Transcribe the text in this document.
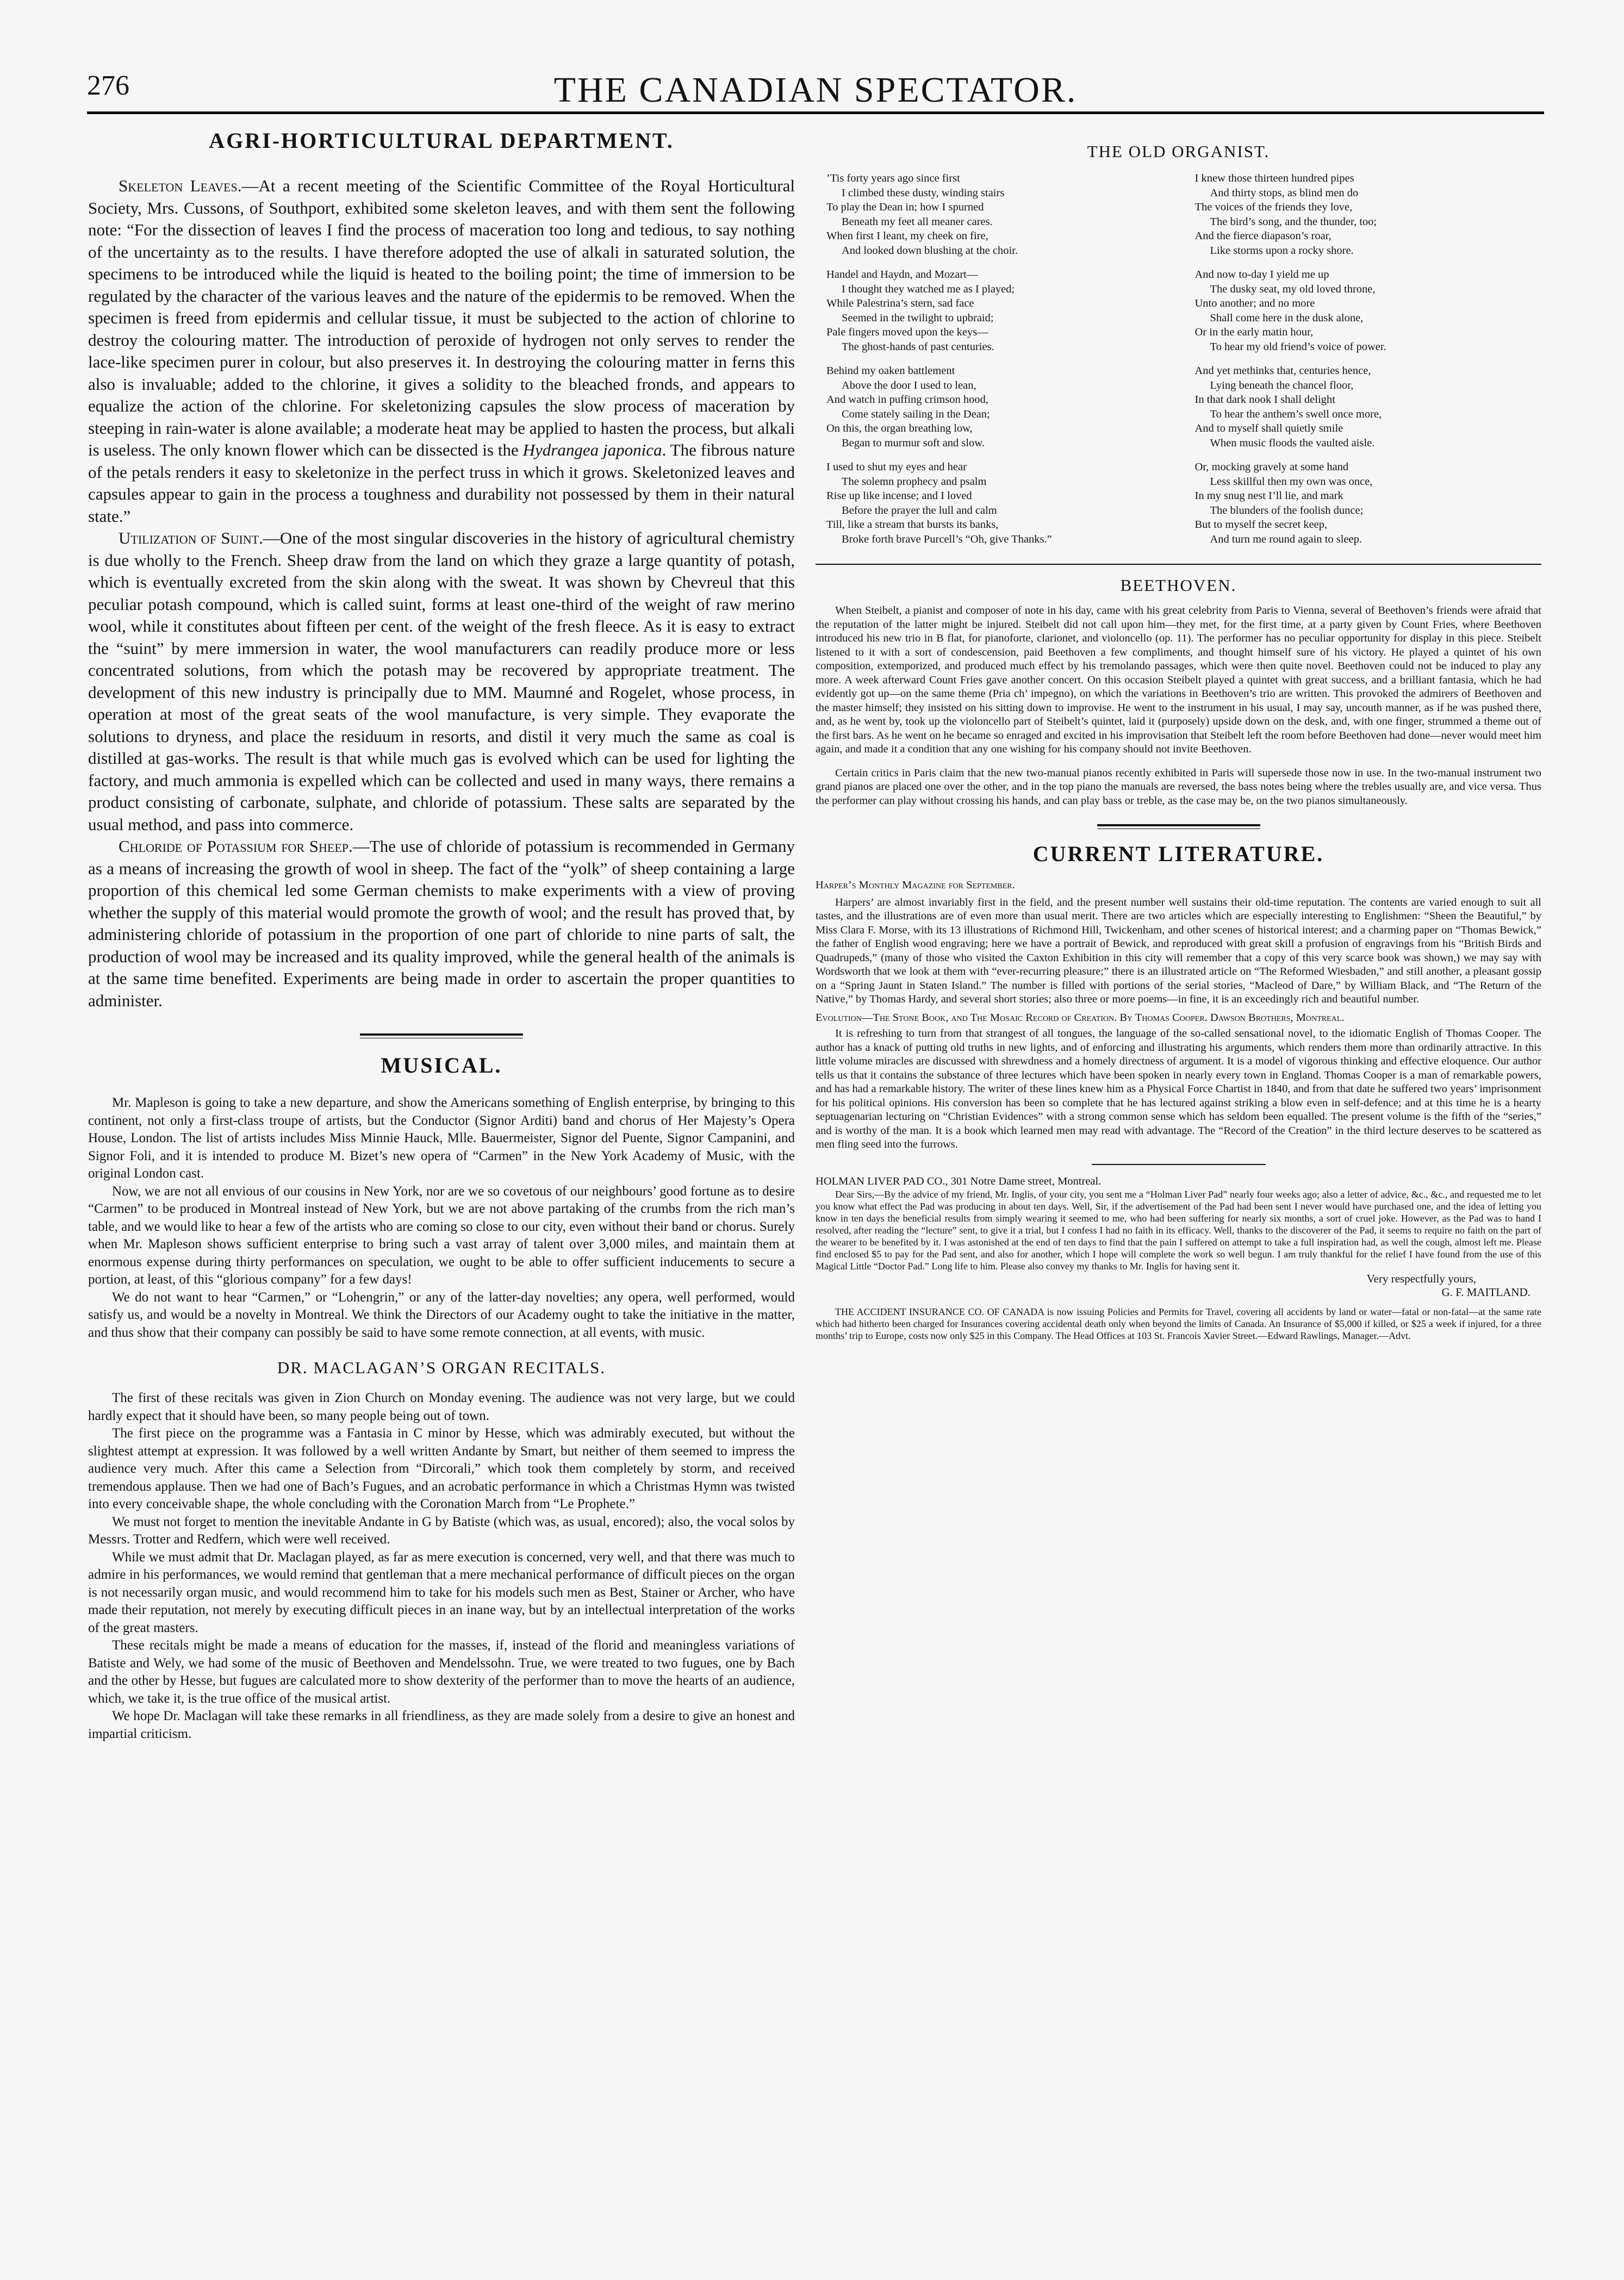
276	THE CANADIAN SPECTATOR.
AGRI-HORTICULTURAL DEPARTMENT.

Skeleton Leaves.—At a recent meeting of the Scientific Committee of the Royal Horticultural Society, Mrs. Cussons, of Southport, exhibited some skeleton leaves, and with them sent the following note: “For the dissection of leaves I find the process of maceration too long and tedious, to say nothing of the uncertainty as to the results. I have therefore adopted the use of alkali in saturated solution, the specimens to be introduced while the liquid is heated to the boiling point; the time of immersion to be regulated by the character of the various leaves and the nature of the epidermis to be removed. When the specimen is freed from epidermis and cellular tissue, it must be subjected to the action of chlorine to destroy the colouring matter. The introduction of peroxide of hydrogen not only serves to render the lace-like specimen purer in colour, but also preserves it. In destroying the colouring matter in ferns this also is invaluable; added to the chlorine, it gives a solidity to the bleached fronds, and appears to equalize the action of the chlorine. For skeletonizing capsules the slow process of maceration by steeping in rain-water is alone available; a moderate heat may be applied to hasten the process, but alkali is useless. The only known flower which can be dissected is the Hydrangea japonica. The fibrous nature of the petals renders it easy to skeletonize in the perfect truss in which it grows. Skeletonized leaves and capsules appear to gain in the process a toughness and durability not possessed by them in their natural state.”

Utilization of Suint.—One of the most singular discoveries in the history of agricultural chemistry is due wholly to the French. Sheep draw from the land on which they graze a large quantity of potash, which is eventually excreted from the skin along with the sweat. It was shown by Chevreul that this peculiar potash compound, which is called suint, forms at least one-third of the weight of raw merino wool, while it constitutes about fifteen per cent. of the weight of the fresh fleece. As it is easy to extract the “suint” by mere immersion in water, the wool manufacturers can readily produce more or less concentrated solutions, from which the potash may be recovered by appropriate treatment. The development of this new industry is principally due to MM. Maumné and Rogelet, whose process, in operation at most of the great seats of the wool manufacture, is very simple. They evaporate the solutions to dryness, and place the residuum in resorts, and distil it very much the same as coal is distilled at gas-works. The result is that while much gas is evolved which can be used for lighting the factory, and much ammonia is expelled which can be collected and used in many ways, there remains a product consisting of carbonate, sulphate, and chloride of potassium. These salts are separated by the usual method, and pass into commerce.

Chloride of Potassium for Sheep.—The use of chloride of potassium is recommended in Germany as a means of increasing the growth of wool in sheep. The fact of the “yolk” of sheep containing a large proportion of this chemical led some German chemists to make experiments with a view of proving whether the supply of this material would promote the growth of wool; and the result has proved that, by administering chloride of potassium in the proportion of one part of chloride to nine parts of salt, the production of wool may be increased and its quality improved, while the general health of the animals is at the same time benefited. Experiments are being made in order to ascertain the proper quantities to administer.

MUSICAL.

Mr. Mapleson is going to take a new departure, and show the Americans something of English enterprise, by bringing to this continent, not only a first-class troupe of artists, but the Conductor (Signor Arditi) band and chorus of Her Majesty’s Opera House, London. The list of artists includes Miss Minnie Hauck, Mlle. Bauermeister, Signor del Puente, Signor Campanini, and Signor Foli, and it is intended to produce M. Bizet’s new opera of “Carmen” in the New York Academy of Music, with the original London cast.

Now, we are not all envious of our cousins in New York, nor are we so covetous of our neighbours’ good fortune as to desire “Carmen” to be produced in Montreal instead of New York, but we are not above partaking of the crumbs from the rich man’s table, and we would like to hear a few of the artists who are coming so close to our city, even without their band or chorus. Surely when Mr. Mapleson shows sufficient enterprise to bring such a vast array of talent over 3,000 miles, and maintain them at enormous expense during thirty performances on speculation, we ought to be able to offer sufficient inducements to secure a portion, at least, of this “glorious company” for a few days!

We do not want to hear “Carmen,” or “Lohengrin,” or any of the latter-day novelties; any opera, well performed, would satisfy us, and would be a novelty in Montreal. We think the Directors of our Academy ought to take the initiative in the matter, and thus show that their company can possibly be said to have some remote connection, at all events, with music.

DR. MACLAGAN’S ORGAN RECITALS.

The first of these recitals was given in Zion Church on Monday evening. The audience was not very large, but we could hardly expect that it should have been, so many people being out of town.

The first piece on the programme was a Fantasia in C minor by Hesse, which was admirably executed, but without the slightest attempt at expression. It was followed by a well written Andante by Smart, but neither of them seemed to impress the audience very much. After this came a Selection from “Dircorali,” which took them completely by storm, and received tremendous applause. Then we had one of Bach’s Fugues, and an acrobatic performance in which a Christmas Hymn was twisted into every conceivable shape, the whole concluding with the Coronation March from “Le Prophete.”

We must not forget to mention the inevitable Andante in G by Batiste (which was, as usual, encored); also, the vocal solos by Messrs. Trotter and Redfern, which were well received.

While we must admit that Dr. Maclagan played, as far as mere execution is concerned, very well, and that there was much to admire in his performances, we would remind that gentleman that a mere mechanical performance of difficult pieces on the organ is not necessarily organ music, and would recommend him to take for his models such men as Best, Stainer or Archer, who have made their reputation, not merely by executing difficult pieces in an inane way, but by an intellectual interpretation of the works of the great masters.

These recitals might be made a means of education for the masses, if, instead of the florid and meaningless variations of Batiste and Wely, we had some of the music of Beethoven and Mendelssohn. True, we were treated to two fugues, one by Bach and the other by Hesse, but fugues are calculated more to show dexterity of the performer than to move the hearts of an audience, which, we take it, is the true office of the musical artist.

We hope Dr. Maclagan will take these remarks in all friendliness, as they are made solely from a desire to give an honest and impartial criticism.

THE OLD ORGANIST.
’Tis forty years ago since first
I climbed these dusty, winding stairs
To play the Dean in; how I spurned
Beneath my feet all meaner cares.
When first I leant, my cheek on fire,
And looked down blushing at the choir.
Handel and Haydn, and Mozart—
I thought they watched me as I played;
While Palestrina’s stern, sad face
Seemed in the twilight to upbraid;
Pale fingers moved upon the keys—
The ghost-hands of past centuries.
Behind my oaken battlement
Above the door I used to lean,
And watch in puffing crimson hood,
Come stately sailing in the Dean;
On this, the organ breathing low,
Began to murmur soft and slow.
I used to shut my eyes and hear
The solemn prophecy and psalm
Rise up like incense; and I loved
Before the prayer the lull and calm
Till, like a stream that bursts its banks,
Broke forth brave Purcell’s “Oh, give Thanks.”
I knew those thirteen hundred pipes
And thirty stops, as blind men do
The voices of the friends they love,
The bird’s song, and the thunder, too;
And the fierce diapason’s roar,
Like storms upon a rocky shore.
And now to-day I yield me up
The dusky seat, my old loved throne,
Unto another; and no more
Shall come here in the dusk alone,
Or in the early matin hour,
To hear my old friend’s voice of power.
And yet methinks that, centuries hence,
Lying beneath the chancel floor,
In that dark nook I shall delight
To hear the anthem’s swell once more,
And to myself shall quietly smile
When music floods the vaulted aisle.
Or, mocking gravely at some hand
Less skillful then my own was once,
In my snug nest I’ll lie, and mark
The blunders of the foolish dunce;
But to myself the secret keep,
And turn me round again to sleep.
BEETHOVEN.

When Steibelt, a pianist and composer of note in his day, came with his great celebrity from Paris to Vienna, several of Beethoven’s friends were afraid that the reputation of the latter might be injured. Steibelt did not call upon him—they met, for the first time, at a party given by Count Fries, where Beethoven introduced his new trio in B flat, for pianoforte, clarionet, and violoncello (op. 11). The performer has no peculiar opportunity for display in this piece. Steibelt listened to it with a sort of condescension, paid Beethoven a few compliments, and thought himself sure of his victory. He played a quintet of his own composition, extemporized, and produced much effect by his tremolando passages, which were then quite novel. Beethoven could not be induced to play any more. A week afterward Count Fries gave another concert. On this occasion Steibelt played a quintet with great success, and a brilliant fantasia, which he had evidently got up—on the same theme (Pria ch’ impegno), on which the variations in Beethoven’s trio are written. This provoked the admirers of Beethoven and the master himself; they insisted on his sitting down to improvise. He went to the instrument in his usual, I may say, uncouth manner, as if he was pushed there, and, as he went by, took up the violoncello part of Steibelt’s quintet, laid it (purposely) upside down on the desk, and, with one finger, strummed a theme out of the first bars. As he went on he became so enraged and excited in his improvisation that Steibelt left the room before Beethoven had done—never would meet him again, and made it a condition that any one wishing for his company should not invite Beethoven.

Certain critics in Paris claim that the new two-manual pianos recently exhibited in Paris will supersede those now in use. In the two-manual instrument two grand pianos are placed one over the other, and in the top piano the manuals are reversed, the bass notes being where the trebles usually are, and vice versa. Thus the performer can play without crossing his hands, and can play bass or treble, as the case may be, on the two pianos simultaneously.

CURRENT LITERATURE.

Harper’s Monthly Magazine for September.

Harpers’ are almost invariably first in the field, and the present number well sustains their old-time reputation. The contents are varied enough to suit all tastes, and the illustrations are of even more than usual merit. There are two articles which are especially interesting to Englishmen: “Sheen the Beautiful,” by Miss Clara F. Morse, with its 13 illustrations of Richmond Hill, Twickenham, and other scenes of historical interest; and a charming paper on “Thomas Bewick,” the father of English wood engraving; here we have a portrait of Bewick, and reproduced with great skill a profusion of engravings from his “British Birds and Quadrupeds,” (many of those who visited the Caxton Exhibition in this city will remember that a copy of this very scarce book was shown,) we may say with Wordsworth that we look at them with “ever-recurring pleasure;” there is an illustrated article on “The Reformed Wiesbaden,” and still another, a pleasant gossip on a “Spring Jaunt in Staten Island.” The number is filled with portions of the serial stories, “Macleod of Dare,” by William Black, and “The Return of the Native,” by Thomas Hardy, and several short stories; also three or more poems—in fine, it is an exceedingly rich and beautiful number.

Evolution—The Stone Book, and The Mosaic Record of Creation. By Thomas Cooper. Dawson Brothers, Montreal.

It is refreshing to turn from that strangest of all tongues, the language of the so-called sensational novel, to the idiomatic English of Thomas Cooper. The author has a knack of putting old truths in new lights, and of enforcing and illustrating his arguments, which renders them more than ordinarily attractive. In this little volume miracles are discussed with shrewdness and a homely directness of argument. It is a model of vigorous thinking and effective eloquence. Our author tells us that it contains the substance of three lectures which have been spoken in nearly every town in England. Thomas Cooper is a man of remarkable powers, and has had a remarkable history. The writer of these lines knew him as a Physical Force Chartist in 1840, and from that date he suffered two years’ imprisonment for his political opinions. His conversion has been so complete that he has lectured against striking a blow even in self-defence; and at this time he is a hearty septuagenarian lecturing on “Christian Evidences” with a strong common sense which has seldom been equalled. The present volume is the fifth of the “series,” and is worthy of the man. It is a book which learned men may read with advantage. The “Record of the Creation” in the third lecture deserves to be scattered as men fling seed into the furrows.

HOLMAN LIVER PAD CO., 301 Notre Dame street, Montreal.

Dear Sirs,—By the advice of my friend, Mr. Inglis, of your city, you sent me a “Holman Liver Pad” nearly four weeks ago; also a letter of advice, &c., &c., and requested me to let you know what effect the Pad was producing in about ten days. Well, Sir, if the advertisement of the Pad had been sent I never would have purchased one, and the idea of letting you know in ten days the beneficial results from simply wearing it seemed to me, who had been suffering for nearly six months, a sort of cruel joke. However, as the Pad was to hand I resolved, after reading the “lecture” sent, to give it a trial, but I confess I had no faith in its efficacy. Well, thanks to the discoverer of the Pad, it seems to require no faith on the part of the wearer to be benefited by it. I was astonished at the end of ten days to find that the pain I suffered on attempt to take a full inspiration had, as well the cough, almost left me. Please find enclosed $5 to pay for the Pad sent, and also for another, which I hope will complete the work so well begun. I am truly thankful for the relief I have found from the use of this Magical Little “Doctor Pad.” Long life to him. Please also convey my thanks to Mr. Inglis for having sent it.

Very respectfully yours,

G. F. MAITLAND.

THE ACCIDENT INSURANCE CO. OF CANADA is now issuing Policies and Permits for Travel, covering all accidents by land or water—fatal or non-fatal—at the same rate which had hitherto been charged for Insurances covering accidental death only when beyond the limits of Canada. An Insurance of $5,000 if killed, or $25 a week if injured, for a three months’ trip to Europe, costs now only $25 in this Company. The Head Offices at 103 St. Francois Xavier Street.—Edward Rawlings, Manager.—Advt.
